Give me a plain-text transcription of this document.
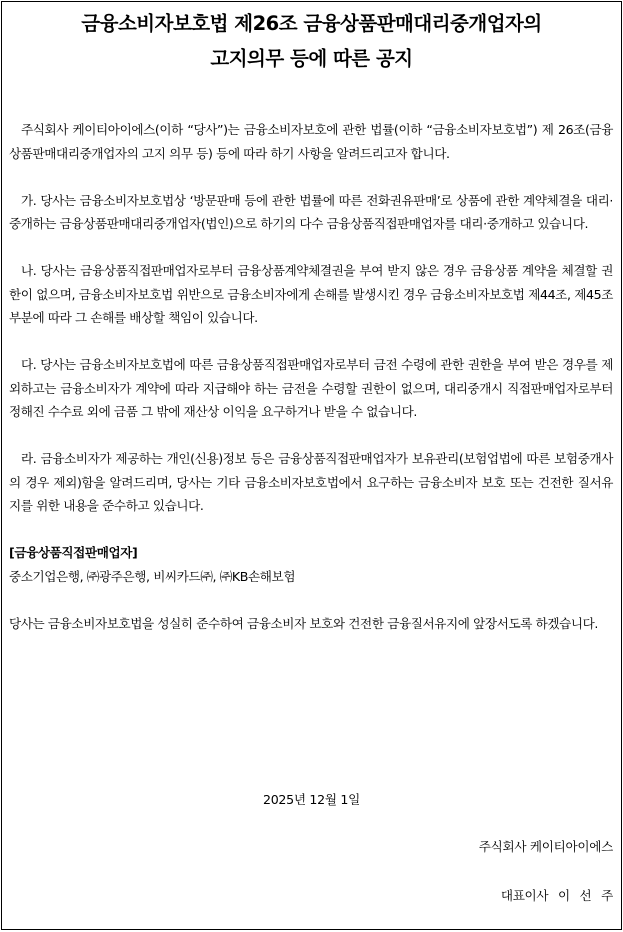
금융소비자보호법 제26조 금융상품판매대리중개업자의
고지의무 등에 따른 공지

주식회사 케이티아이에스(이하 “당사”)는 금융소비자보호에 관한 법률(이하 “금융소비자보호법”) 제 26조(금융상품판매대리중개업자의 고지 의무 등) 등에 따라 하기 사항을 알려드리고자 합니다.

가. 당사는 금융소비자보호법상 ‘방문판매 등에 관한 법률에 따른 전화권유판매’로 상품에 관한 계약체결을 대리·중개하는 금융상품판매대리중개업자(법인)으로 하기의 다수 금융상품직접판매업자를 대리·중개하고 있습니다.

나. 당사는 금융상품직접판매업자로부터 금융상품계약체결권을 부여 받지 않은 경우 금융상품 계약을 체결할 권한이 없으며, 금융소비자보호법 위반으로 금융소비자에게 손해를 발생시킨 경우 금융소비자보호법 제44조, 제45조 부분에 따라 그 손해를 배상할 책임이 있습니다.

다. 당사는 금융소비자보호법에 따른 금융상품직접판매업자로부터 금전 수령에 관한 권한을 부여 받은 경우를 제외하고는 금융소비자가 계약에 따라 지급해야 하는 금전을 수령할 권한이 없으며, 대리중개시 직접판매업자로부터 정해진 수수료 외에 금품 그 밖에 재산상 이익을 요구하거나 받을 수 없습니다.

라. 금융소비자가 제공하는 개인(신용)정보 등은 금융상품직접판매업자가 보유관리(보험업법에 따른 보험중개사의 경우 제외)함을 알려드리며, 당사는 기타 금융소비자보호법에서 요구하는 금융소비자 보호 또는 건전한 질서유지를 위한 내용을 준수하고 있습니다.

[금융상품직접판매업자]

중소기업은행, ㈜광주은행, 비씨카드㈜, ㈜KB손해보험

당사는 금융소비자보호법을 성실히 준수하여 금융소비자 보호와 건전한 금융질서유지에 앞장서도록 하겠습니다.

2025년 12월 1일
주식회사 케이티아이에스
대표이사 이 선 주
